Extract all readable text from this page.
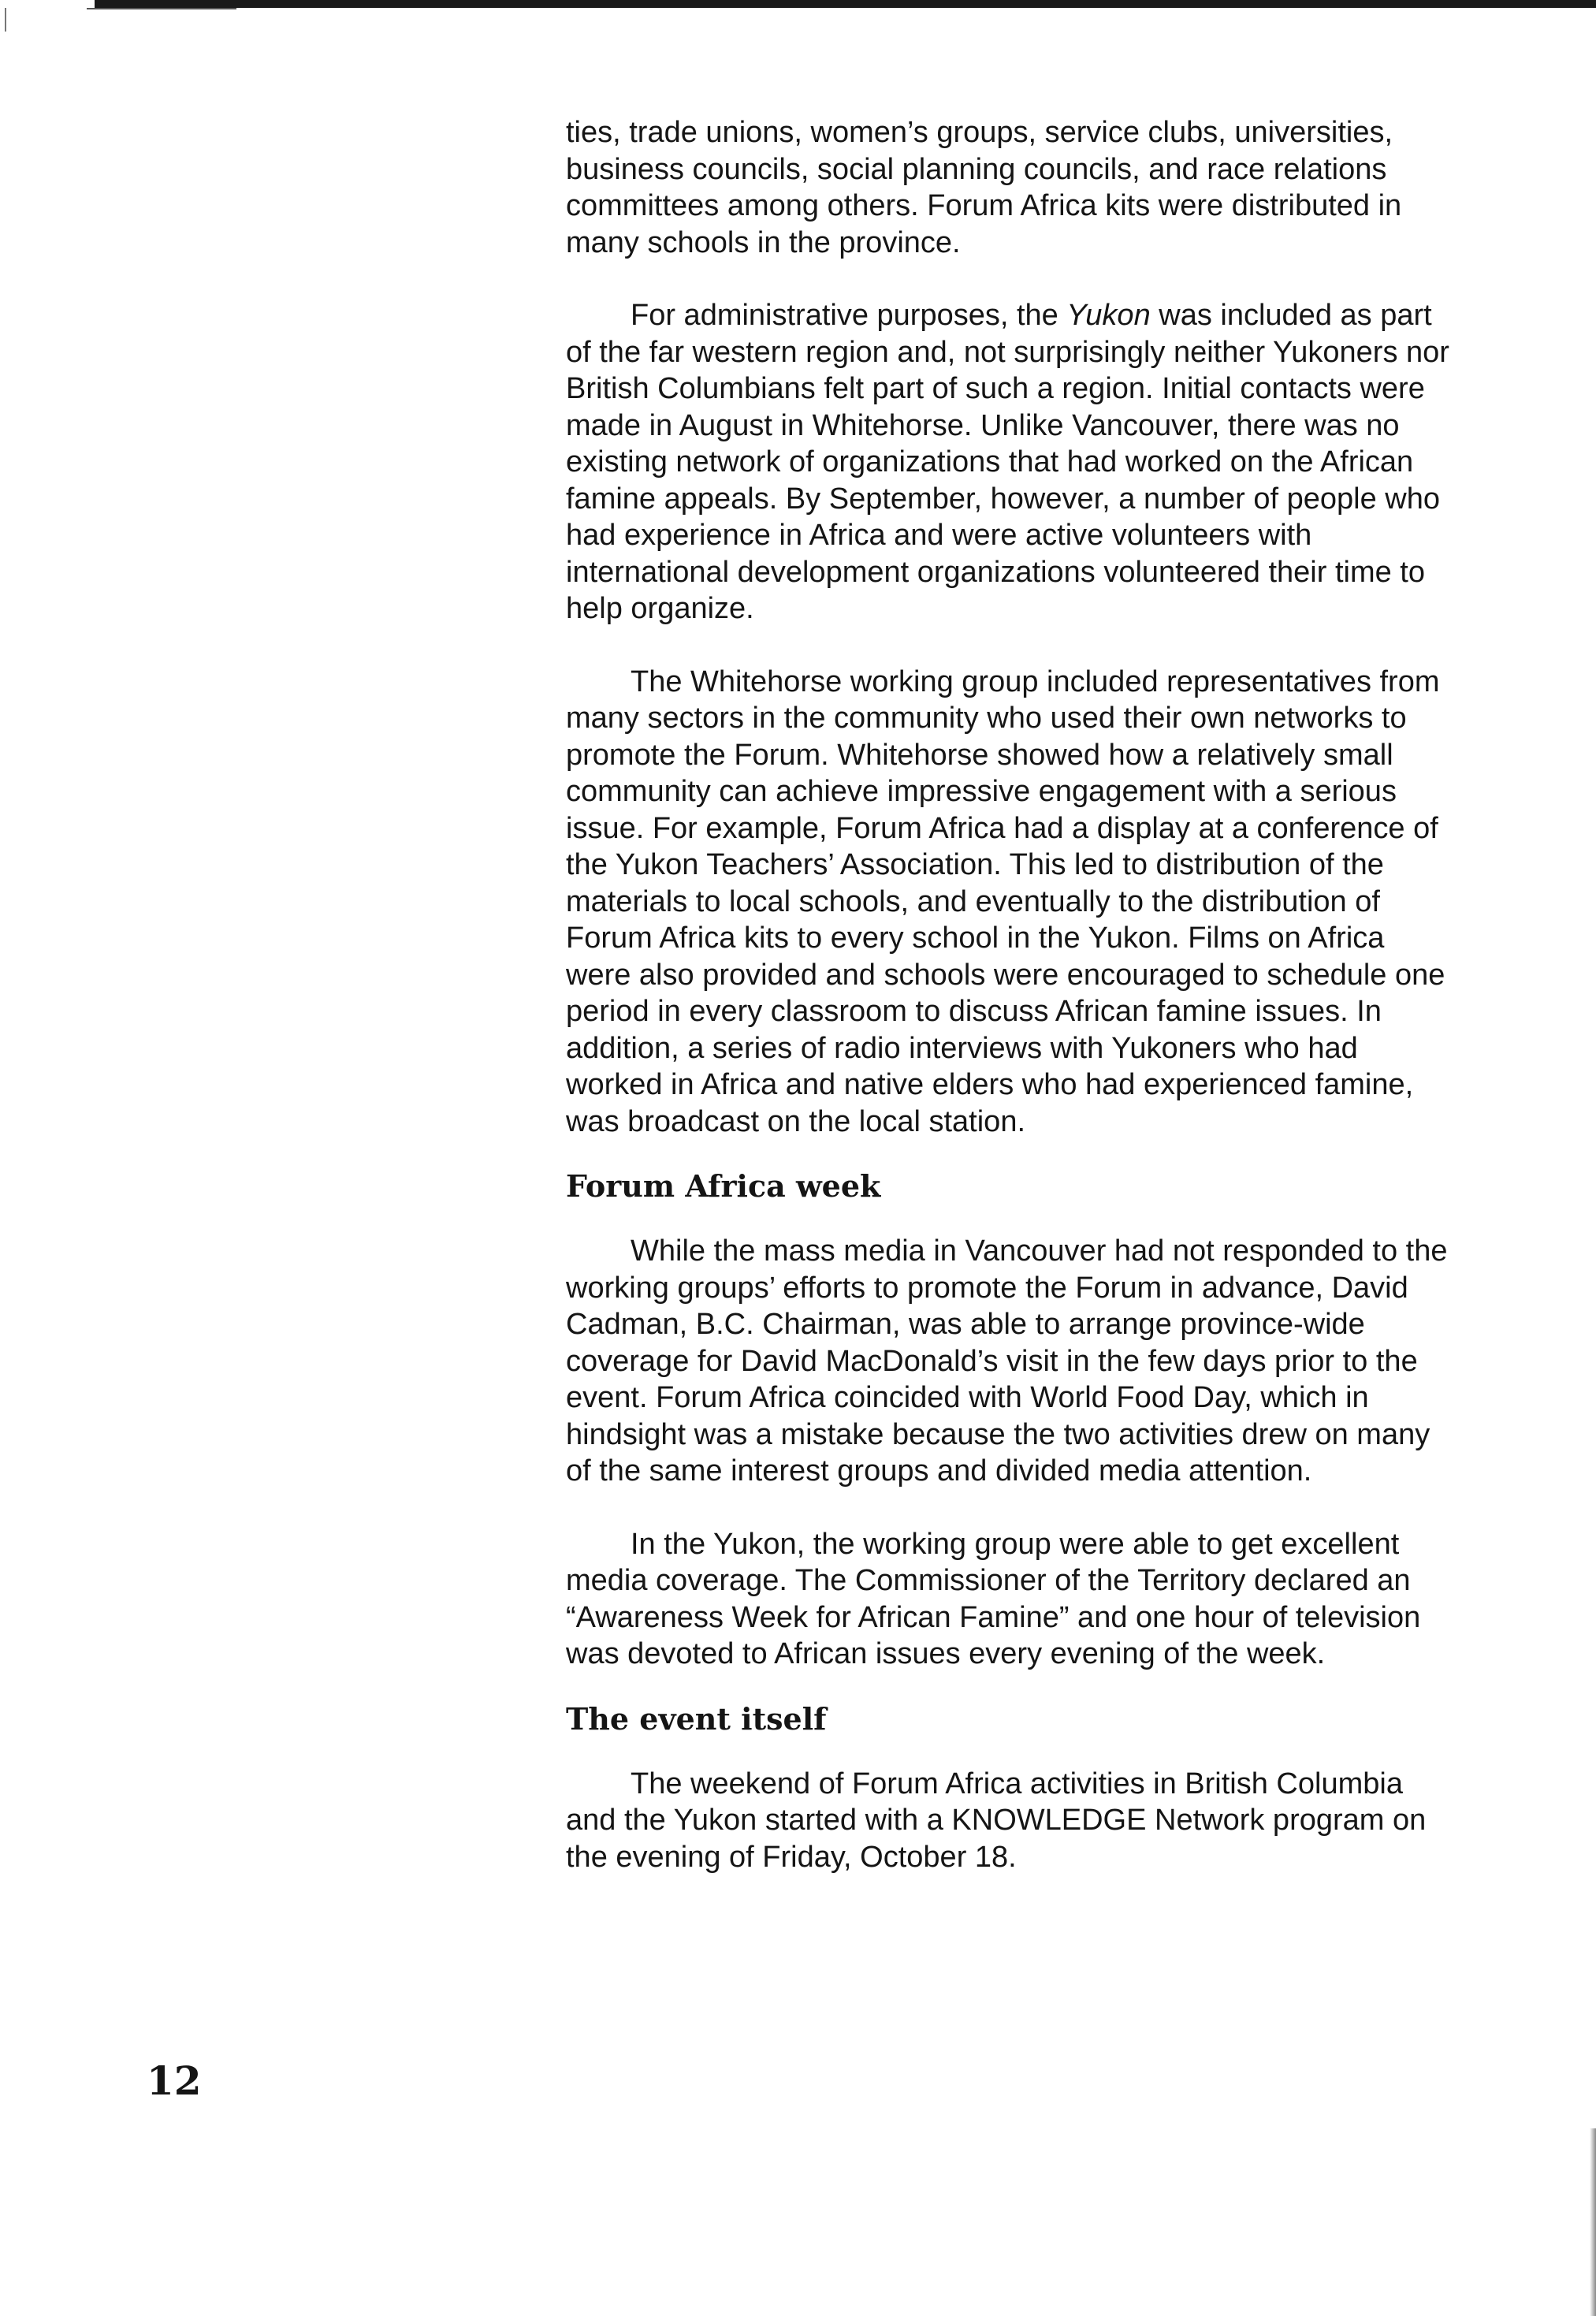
ties, trade unions, women’s groups, service clubs, universities, business councils, social planning councils, and race relations committees among others. Forum Africa kits were distributed in many schools in the province.

For administrative purposes, the Yukon was included as part of the far western region and, not surprisingly neither Yukoners nor British Columbians felt part of such a region. Initial contacts were made in August in Whitehorse. Unlike Vancouver, there was no existing network of organizations that had worked on the African famine appeals. By September, however, a number of people who had experience in Africa and were active volunteers with international development organizations volunteered their time to help organize.

The Whitehorse working group included representatives from many sectors in the community who used their own networks to promote the Forum. Whitehorse showed how a relatively small community can achieve impressive engagement with a serious issue. For example, Forum Africa had a display at a conference of the Yukon Teachers’ Association. This led to distribution of the materials to local schools, and eventually to the distribution of Forum Africa kits to every school in the Yukon. Films on Africa were also provided and schools were encouraged to schedule one period in every classroom to discuss African famine issues. In addition, a series of radio interviews with Yukoners who had worked in Africa and native elders who had experienced famine, was broadcast on the local station.

Forum Africa week

While the mass media in Vancouver had not responded to the working groups’ efforts to promote the Forum in advance, David Cadman, B.C. Chairman, was able to arrange province-wide coverage for David MacDonald’s visit in the few days prior to the event. Forum Africa coincided with World Food Day, which in hindsight was a mistake because the two activities drew on many of the same interest groups and divided media attention.

In the Yukon, the working group were able to get excellent media coverage. The Commissioner of the Territory declared an “Awareness Week for African Famine” and one hour of television was devoted to African issues every evening of the week.

The event itself

The weekend of Forum Africa activities in British Columbia and the Yukon started with a KNOWLEDGE Network program on the evening of Friday, October 18.

12
